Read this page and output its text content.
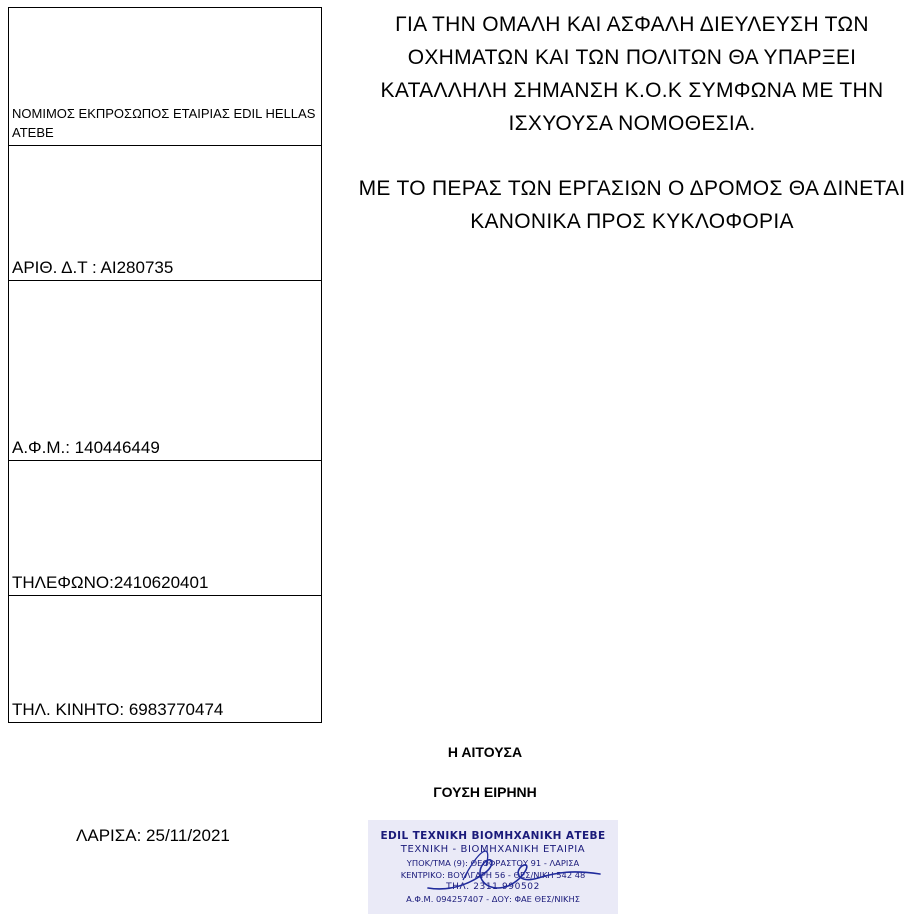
ΝΟΜΙΜΟΣ ΕΚΠΡΟΣΩΠΟΣ ΕΤΑΙΡΙΑΣ EDIL HELLAS ΑΤΕΒΕ
ΑΡΙΘ. Δ.Τ : ΑΙ280735
Α.Φ.Μ.: 140446449
ΤΗΛΕΦΩΝΟ:2410620401
ΤΗΛ. ΚΙΝΗΤΟ: 6983770474

ΓΙΑ ΤΗΝ ΟΜΑΛΗ ΚΑΙ ΑΣΦΑΛΗ ΔΙΕΥΛΕΥΣΗ ΤΩΝ ΟΧΗΜΑΤΩΝ ΚΑΙ ΤΩΝ ΠΟΛΙΤΩΝ ΘΑ ΥΠΑΡΞΕΙ ΚΑΤΑΛΛΗΛΗ ΣΗΜΑΝΣΗ Κ.Ο.Κ ΣΥΜΦΩΝΑ ΜΕ ΤΗΝ ΙΣΧΥΟΥΣΑ ΝΟΜΟΘΕΣΙΑ.

ΜΕ ΤΟ ΠΕΡΑΣ ΤΩΝ ΕΡΓΑΣΙΩΝ Ο ΔΡΟΜΟΣ ΘΑ ΔΙΝΕΤΑΙ ΚΑΝΟΝΙΚΑ ΠΡΟΣ ΚΥΚΛΟΦΟΡΙΑ

Η ΑΙΤΟΥΣΑ
ΓΟΥΣΗ ΕΙΡΗΝΗ
ΛΑΡΙΣΑ: 25/11/2021	EDIL ΤΕΧΝΙΚΗ ΒΙΟΜΗΧΑΝΙΚΗ ΑΤΕΒΕ
ΤΕΧΝΙΚΗ - ΒΙΟΜΗΧΑΝΙΚΗ ΕΤΑΙΡΙΑ
ΥΠΟΚ/ΤΜΑ (9): ΘΕΟΦΡΑΣΤΟΥ 91 - ΛΑΡΙΣΑ
ΚΕΝΤΡΙΚΟ: ΒΟΥΛΓΑΡΗ 56 - ΘΕΣ/ΝΙΚΗ 542 48
ΤΗΛ. 2311 990502
Α.Φ.Μ. 094257407 - ΔΟΥ: ΦΑΕ ΘΕΣ/ΝΙΚΗΣ
